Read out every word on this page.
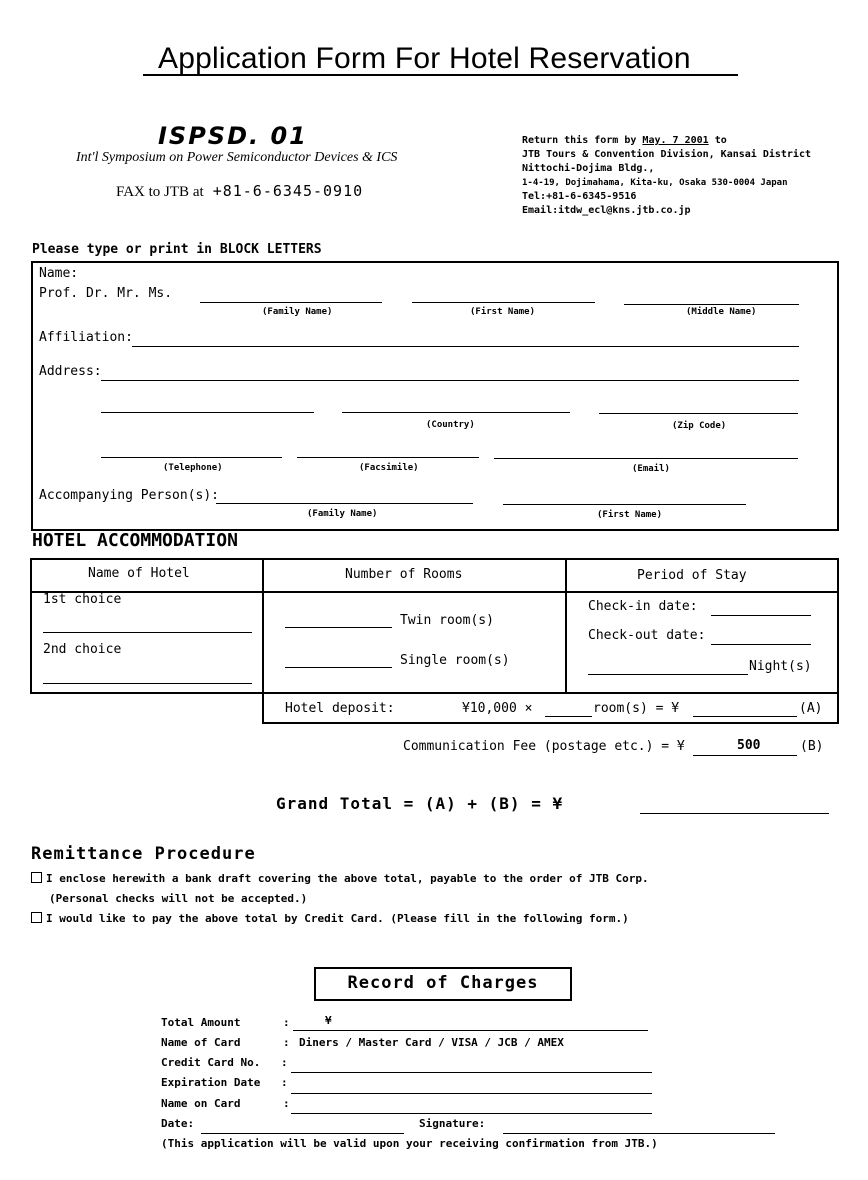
Application Form For Hotel Reservation
ISPSD. 01
Int'l Symposium on Power Semiconductor Devices & ICS
FAX to JTB at +81-6-6345-0910
Return this form by May. 7 2001 to
JTB Tours & Convention Division, Kansai District
Nittochi-Dojima Bldg.,
1-4-19, Dojimahama, Kita-ku, Osaka 530-0004 Japan
Tel:+81-6-6345-9516
Email:itdw_ecl@kns.jtb.co.jp
Please type or print in BLOCK LETTERS
Name:
Prof. Dr. Mr. Ms.
(Family Name)	(First Name)	(Middle Name)
Affiliation:
Address:
(Country)	(Zip Code)
(Telephone)	(Facsimile)	(Email)
Accompanying Person(s):
(Family Name)	(First Name)
HOTEL ACCOMMODATION
Name of Hotel	Number of Rooms	Period of Stay
1st choice
2nd choice
Twin room(s)
Single room(s)
Check-in date:
Check-out date:
Night(s)
Hotel deposit:	¥10,000 ×	room(s) = ¥	(A)
Communication Fee (postage etc.) = ¥	500	(B)
Grand Total = (A) + (B) = ¥
Remittance Procedure
I enclose herewith a bank draft covering the above total, payable to the order of JTB Corp.
(Personal checks will not be accepted.)
I would like to pay the above total by Credit Card. (Please fill in the following form.)
Record of Charges
Total Amount	:	¥
Name of Card	: Diners / Master Card / VISA / JCB / AMEX
Credit Card No. :
Expiration Date :
Name on Card	:
Date:	Signature:
(This application will be valid upon your receiving confirmation from JTB.)
